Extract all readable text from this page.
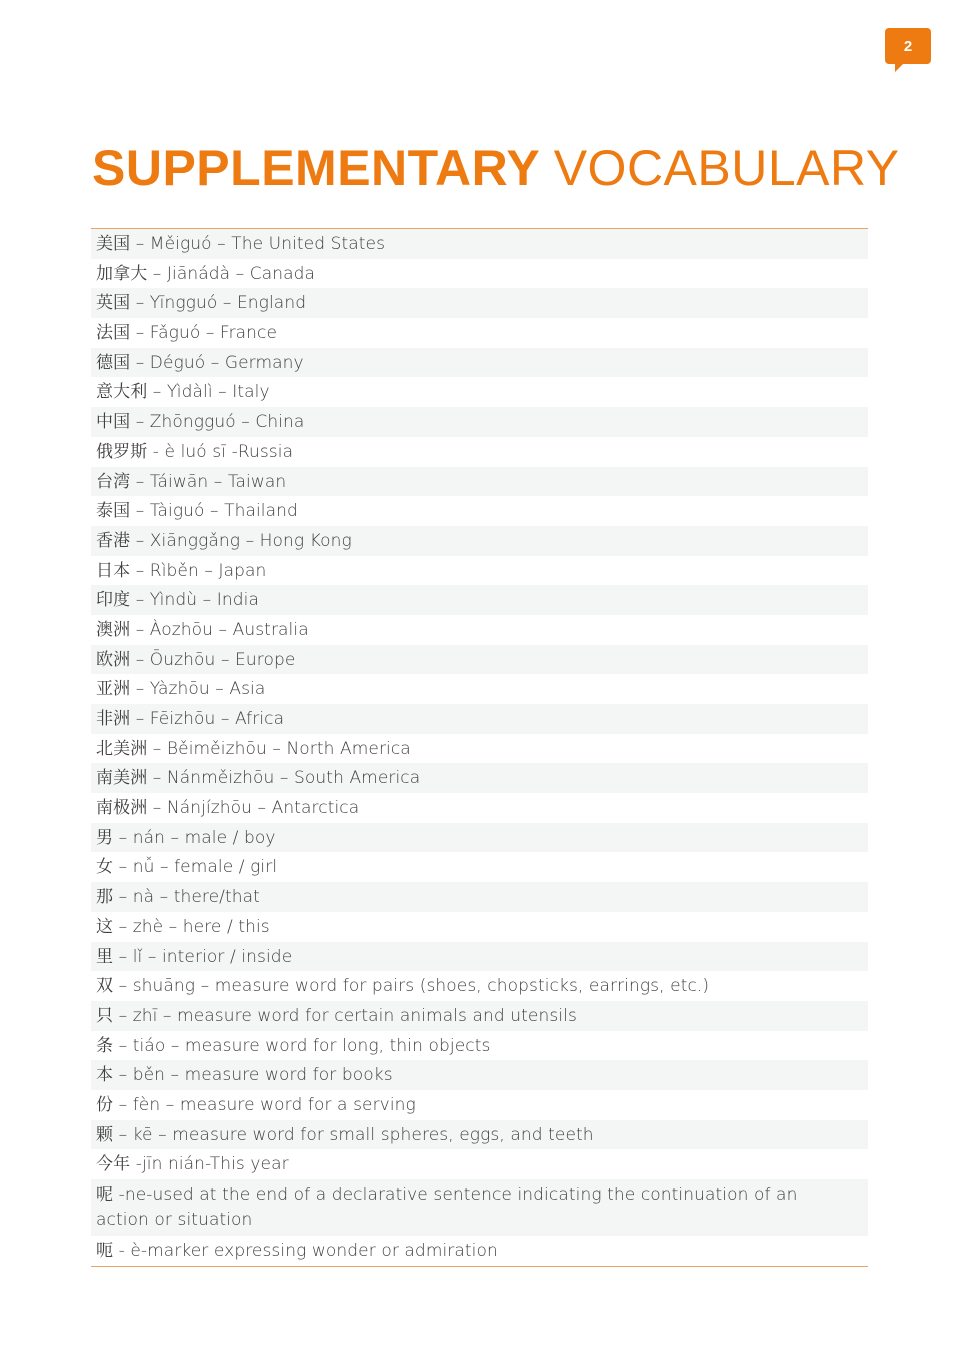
2
SUPPLEMENTARY VOCABULARY
美国 – Měiguó – The United States
加拿大 – Jiānádà – Canada
英国 – Yīngguó – England
法国 – Fǎguó – France
德国 – Déguó – Germany
意大利 – Yìdàlì – Italy
中国 – Zhōngguó – China
俄罗斯 - è luó sī -Russia
台湾 – Táiwān – Taiwan
泰国 – Tàiguó – Thailand
香港 – Xiānggǎng – Hong Kong
日本 – Rìběn – Japan
印度 – Yìndù – India
澳洲 – Àozhōu – Australia
欧洲 – Ōuzhōu – Europe
亚洲 – Yàzhōu – Asia
非洲 – Fēizhōu – Africa
北美洲 – Běiměizhōu – North America
南美洲 – Nánměizhōu – South America
南极洲 – Nánjízhōu – Antarctica
男 – nán – male / boy
女 – nǚ – female / girl
那 – nà – there/that
这 – zhè – here / this
里 – lǐ – interior / inside
双 – shuāng – measure word for pairs (shoes, chopsticks, earrings, etc.)
只 – zhī – measure word for certain animals and utensils
条 – tiáo – measure word for long, thin objects
本 – běn – measure word for books
份 – fèn – measure word for a serving
颗 – kē – measure word for small spheres, eggs, and teeth
今年 -jīn nián-This year
呢 -ne-used at the end of a declarative sentence indicating the continuation of an action or situation
呃 - è-marker expressing wonder or admiration
